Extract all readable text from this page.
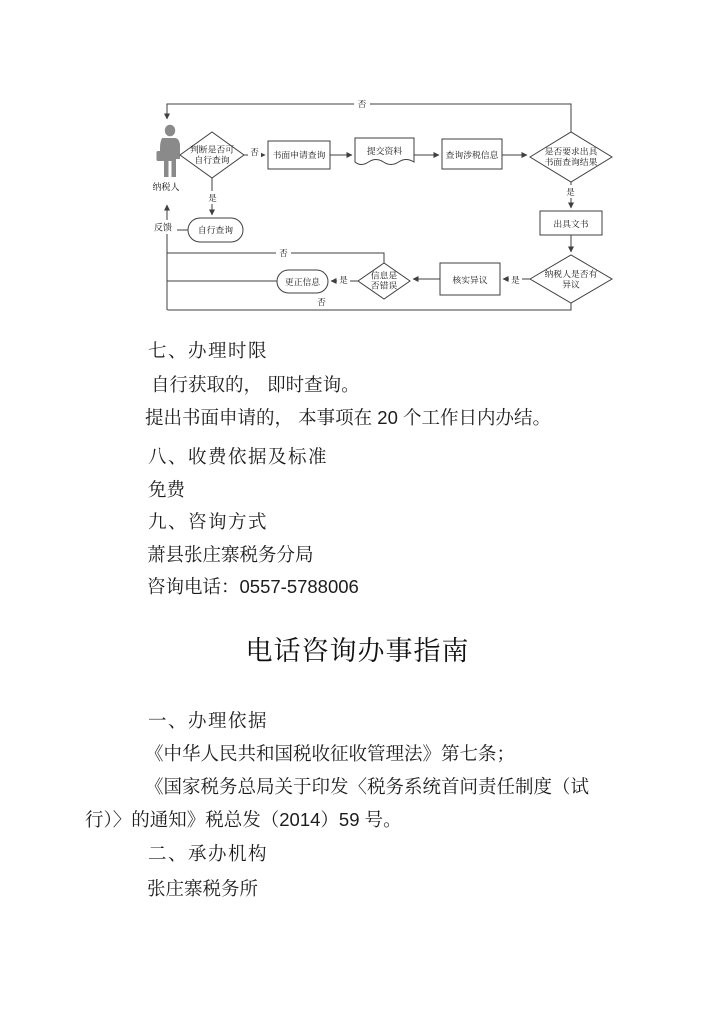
纳税人
判断是否可
自行查询	书面申请查询	提交资料	查询涉税信息	是否要求出具
书面查询结果
出具文书
纳税人是否有
异议
核实异议
信息是
否错误
更正信息
自行查询
反馈
否
否
是
是
是
是
否
否
七、办理时限
自行获取的， 即时查询。
提出书面申请的， 本事项在 20 个工作日内办结。
八、收费依据及标准
免费
九、咨询方式
萧县张庄寨税务分局
咨询电话：0557-5788006
电话咨询办事指南
一、办理依据
《中华人民共和国税收征收管理法》第七条；
《国家税务总局关于印发〈税务系统首问责任制度（试
行）〉的通知》税总发（2014）59 号。
二、承办机构
张庄寨税务所
